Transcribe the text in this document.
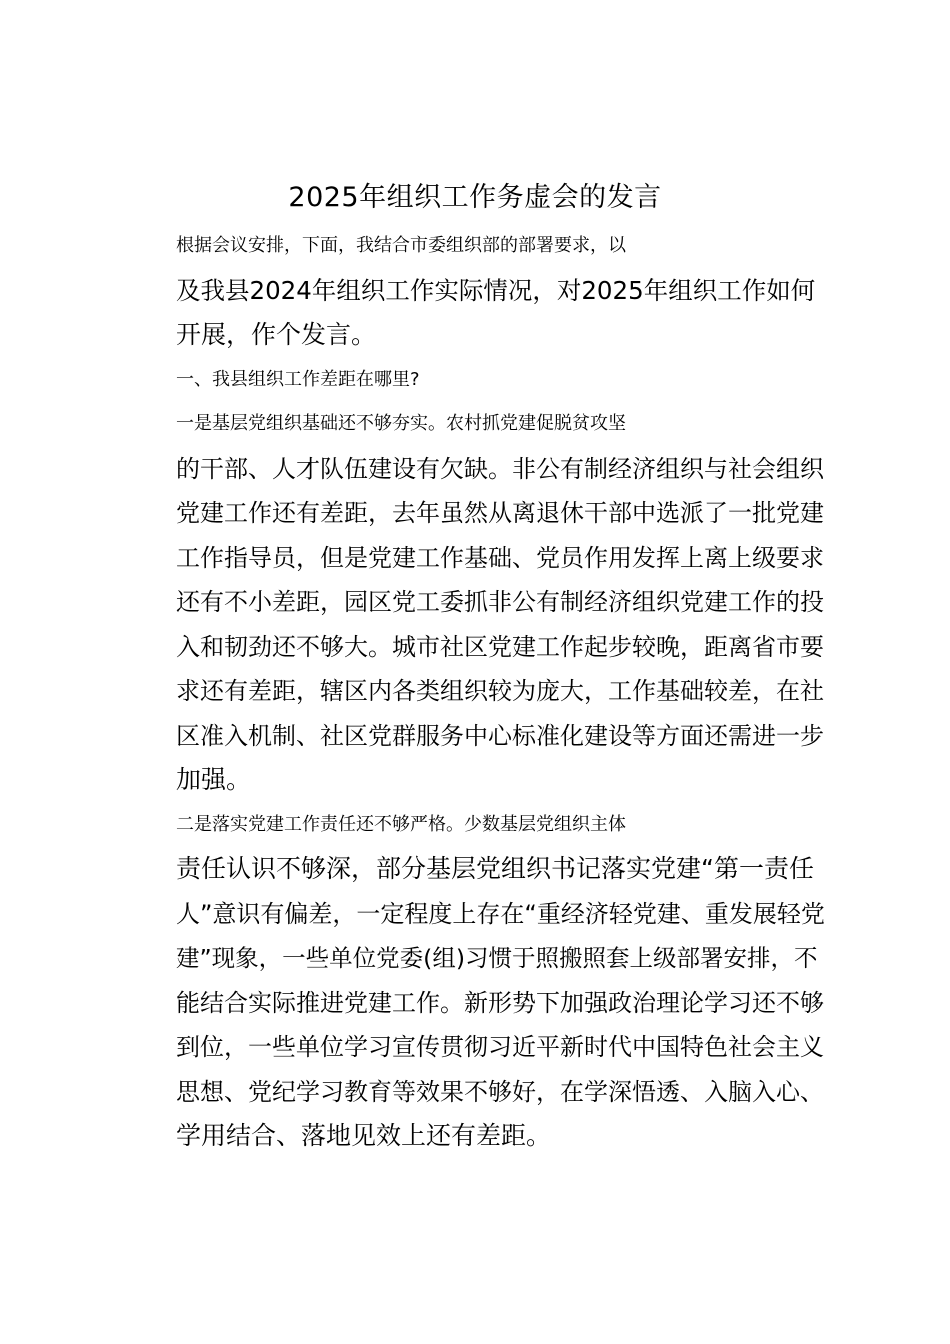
2025年组织工作务虚会的发言

根据会议安排，下面，我结合市委组织部的部署要求，以
及我县2024年组织工作实际情况，对2025年组织工作如何
开展，作个发言。

一、我县组织工作差距在哪里?

一是基层党组织基础还不够夯实。农村抓党建促脱贫攻坚
的干部、人才队伍建设有欠缺。非公有制经济组织与社会组织
党建工作还有差距，去年虽然从离退休干部中选派了一批党建
工作指导员，但是党建工作基础、党员作用发挥上离上级要求
还有不小差距，园区党工委抓非公有制经济组织党建工作的投
入和韧劲还不够大。城市社区党建工作起步较晚，距离省市要
求还有差距，辖区内各类组织较为庞大，工作基础较差，在社
区准入机制、社区党群服务中心标准化建设等方面还需进一步
加强。

二是落实党建工作责任还不够严格。少数基层党组织主体
责任认识不够深，部分基层党组织书记落实党建“第一责任
人”意识有偏差，一定程度上存在“重经济轻党建、重发展轻党
建”现象，一些单位党委(组)习惯于照搬照套上级部署安排，不
能结合实际推进党建工作。新形势下加强政治理论学习还不够
到位，一些单位学习宣传贯彻习近平新时代中国特色社会主义
思想、党纪学习教育等效果不够好，在学深悟透、入脑入心、
学用结合、落地见效上还有差距。
